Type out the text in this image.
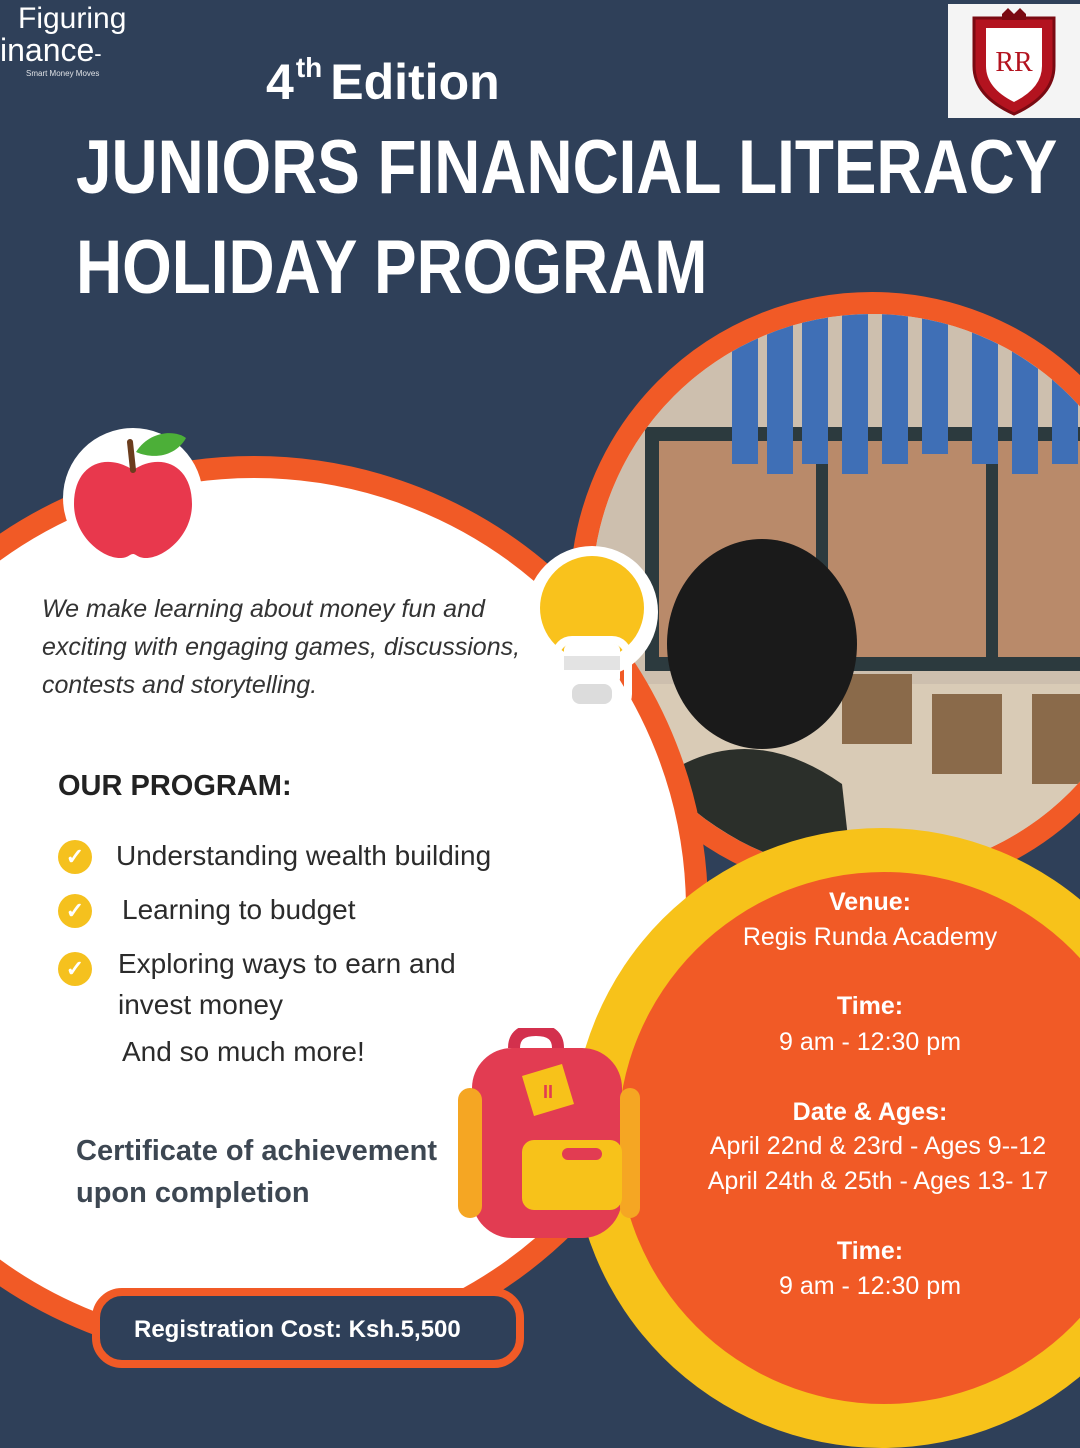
Figuring
inance-
Smart Money Moves	RR
4th Edition
JUNIORS FINANCIAL LITERACY
HOLIDAY PROGRAM
We make learning about money fun and exciting with engaging games, discussions, contests and storytelling.
OUR PROGRAM:
✓ Understanding wealth building
✓ Learning to budget
✓ Exploring ways to earn and
invest money
And so much more!
Certificate of achievement
upon completion
II
Venue:
Regis Runda Academy
Time:
9 am - 12:30 pm
Date & Ages:
April 22nd & 23rd - Ages 9--12
April 24th & 25th - Ages 13- 17
Time:
9 am - 12:30 pm
Registration Cost: Ksh.5,500
